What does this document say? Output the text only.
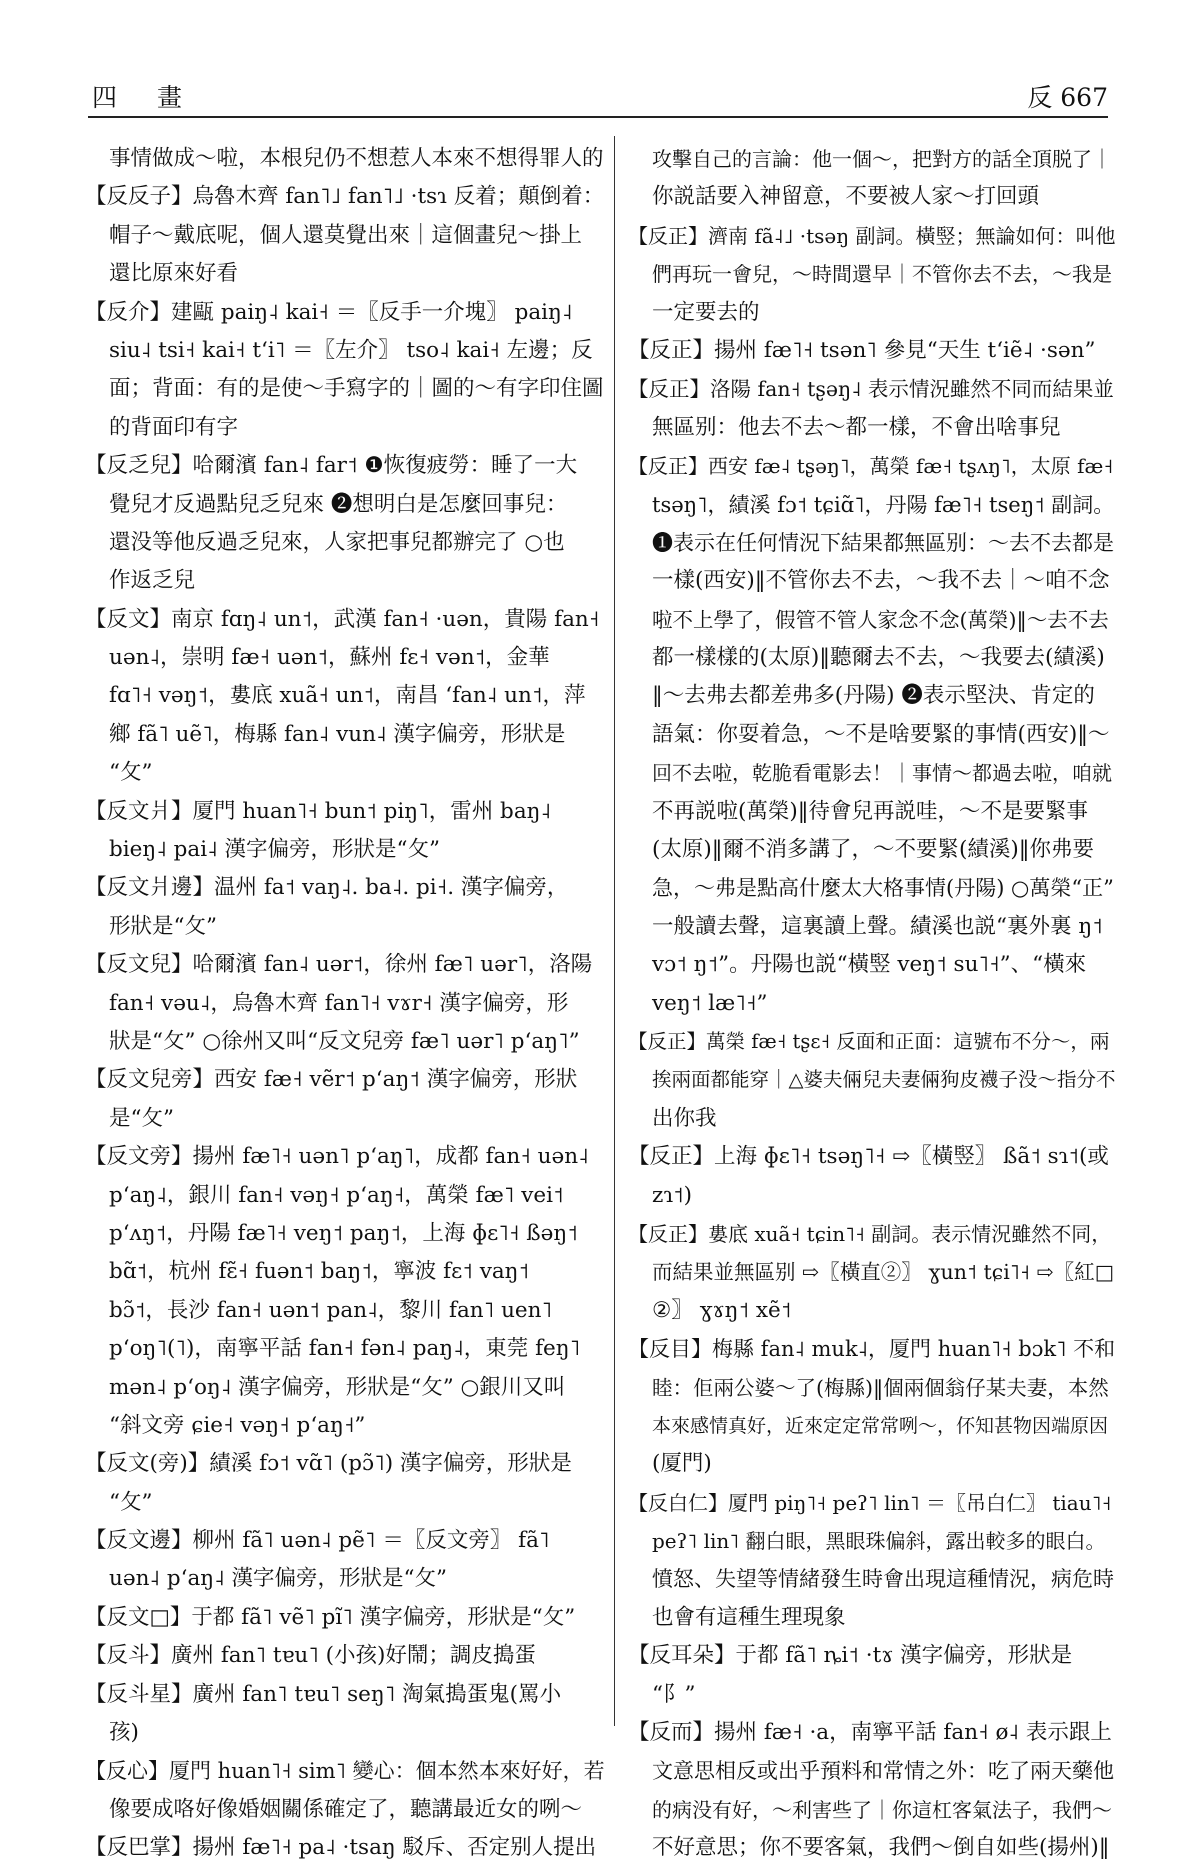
四 畫	反 667
事情做成～啦，本根兒仍不想惹人本來不想得罪人的
【反反子】烏魯木齊 fan˥˩ fan˥˩ ·tsɿ 反着；顛倒着：
帽子～戴底呢，個人還莫覺出來｜這個畫兒～掛上
還比原來好看
【反介】建甌 paiŋ˨ kai˧ ＝〖反手一介塊〗 paiŋ˨
siu˨ tsi˧ kai˧ tʻi˥ ＝〖左介〗 tso˨ kai˧ 左邊；反
面；背面：有的是使～手寫字的｜圖的～有字印住圖
的背面印有字
【反乏兒】哈爾濱 fan˨ far˦ ❶恢復疲勞：睡了一大
覺兒才反過點兒乏兒來 ❷想明白是怎麼回事兒：
還没等他反過乏兒來，人家把事兒都辦完了 ○也
作返乏兒
【反文】南京 fɑŋ˨ un˦，武漢 fan˧ ·uən，貴陽 fan˧
uən˨，崇明 fæ˧ uən˦，蘇州 fɛ˧ vən˦，金華
fɑ˥˧ vəŋ˦，婁底 xuã˧ un˦，南昌 ʻfan˨ un˦，萍
鄉 fã˥ uẽ˥，梅縣 fan˨ vun˨ 漢字偏旁，形狀是
“攵”
【反文爿】厦門 huan˥˧ bun˦ piŋ˥，雷州 baŋ˨
bieŋ˨ pai˨ 漢字偏旁，形狀是“攵”
【反文爿邊】温州 fa˦ vaŋ˨. ba˨. pi˧. 漢字偏旁，
形狀是“攵”
【反文兒】哈爾濱 fan˨ uər˦，徐州 fæ˥ uər˥，洛陽
fan˧ vəu˨，烏魯木齊 fan˥˧ vɤr˧ 漢字偏旁，形
狀是“攵” ○徐州又叫“反文兒旁 fæ˥ uər˥ pʻaŋ˥”
【反文兒旁】西安 fæ˧ vẽr˦ pʻaŋ˦ 漢字偏旁，形狀
是“攵”
【反文旁】揚州 fæ˥˧ uən˥ pʻaŋ˥，成都 fan˧ uən˨
pʻaŋ˨，銀川 fan˧ vəŋ˧ pʻaŋ˧，萬榮 fæ˥ vei˦
pʻʌŋ˦，丹陽 fæ˥˧ veŋ˦ paŋ˦，上海 ɸɛ˥˧ ßəŋ˦
bɑ̃˦，杭州 fɛ̃˧ fuən˦ baŋ˦，寧波 fɛ˦ vaŋ˦
bɔ̃˦，長沙 fan˧ uən˦ pan˨，黎川 fan˥ uen˥
pʻoŋ˥(˥)，南寧平話 fan˧ fən˨ paŋ˨，東莞 feŋ˥
mən˨ pʻoŋ˨ 漢字偏旁，形狀是“攵” ○銀川又叫
“斜文旁 ɕie˧ vəŋ˧ pʻaŋ˧”
【反文(旁)】績溪 fɔ˦ vɑ̃˥ (pɔ̃˥) 漢字偏旁，形狀是
“攵”
【反文邊】柳州 fã˥ uən˨ pẽ˥ ＝〖反文旁〗 fã˥
uən˨ pʻaŋ˨ 漢字偏旁，形狀是“攵”
【反文□】于都 fã˥ vẽ˥ pĩ˥ 漢字偏旁，形狀是“攵”
【反斗】廣州 fan˥ tɐu˥ (小孩)好鬧；調皮搗蛋
【反斗星】廣州 fan˥ tɐu˥ seŋ˥ 淘氣搗蛋鬼(罵小
孩)
【反心】厦門 huan˥˧ sim˥ 變心：個本然本來好好，若
像要成咯好像婚姻關係確定了，聽講最近女的咧～
【反巴掌】揚州 fæ˥˧ pa˨ ·tsaŋ 駁斥、否定别人提出
攻擊自己的言論：他一個～，把對方的話全頂脱了｜
你説話要入神留意，不要被人家～打回頭
【反正】濟南 fã˨˩ ·tsəŋ 副詞。橫竪；無論如何：叫他
們再玩一會兒，～時間還早｜不管你去不去，～我是
一定要去的
【反正】揚州 fæ˥˧ tsən˥ 參見“天生 tʻiẽ˨ ·sən”
【反正】洛陽 fan˧ tʂəŋ˨ 表示情況雖然不同而結果並
無區别：他去不去～都一樣，不會出啥事兒
【反正】西安 fæ˨ tʂəŋ˥，萬榮 fæ˧ tʂʌŋ˥，太原 fæ˧
tsəŋ˥，績溪 fɔ˦ tɕiɑ̃˥，丹陽 fæ˥˧ tseŋ˦ 副詞。
❶表示在任何情況下結果都無區别：～去不去都是
一樣(西安)‖不管你去不去，～我不去｜～咱不念
啦不上學了，假管不管人家念不念(萬榮)‖～去不去
都一樣樣的(太原)‖聽爾去不去，～我要去(績溪)
‖～去弗去都差弗多(丹陽) ❷表示堅決、肯定的
語氣：你耍着急，～不是啥要緊的事情(西安)‖～
回不去啦，乾脆看電影去！｜事情～都過去啦，咱就
不再説啦(萬榮)‖待會兒再説哇，～不是要緊事
(太原)‖爾不消多講了，～不要緊(績溪)‖你弗要
急，～弗是點高什麼太大格事情(丹陽) ○萬榮“正”
一般讀去聲，這裏讀上聲。績溪也説“裏外裏 ŋ˦
vɔ˦ ŋ˦”。丹陽也説“橫竪 veŋ˦ su˥˧”、“橫來
veŋ˦ læ˥˧”
【反正】萬榮 fæ˧ tʂɛ˧ 反面和正面：這號布不分～，兩
挨兩面都能穿｜△婆夫倆兒夫妻倆狗皮襪子没～指分不
出你我
【反正】上海 ɸɛ˥˧ tsəŋ˥˧ ⇨〖橫竪〗 ßã˦ sɿ˦(或
zɿ˦)
【反正】婁底 xuã˧ tɕin˥˧ 副詞。表示情況雖然不同，
而結果並無區别 ⇨〖橫直②〗 ɣun˦ tɕi˥˧ ⇨〖紅□
②〗 ɣɤŋ˦ xẽ˦
【反目】梅縣 fan˨ muk˨，厦門 huan˥˧ bɔk˥ 不和
睦：佢兩公婆～了(梅縣)‖個兩個翁仔某夫妻，本然
本來感情真好，近來定定常常咧～，伓知甚物因端原因
(厦門)
【反白仁】厦門 piŋ˥˧ peʔ˥ lin˥ ＝〖吊白仁〗 tiau˥˧
peʔ˥ lin˥ 翻白眼，黑眼珠偏斜，露出較多的眼白。
憤怒、失望等情緒發生時會出現這種情況，病危時
也會有這種生理現象
【反耳朵】于都 fã˥ ȵi˦ ·tɤ 漢字偏旁，形狀是
“阝”
【反而】揚州 fæ˧ ·a，南寧平話 fan˧ ø˨ 表示跟上
文意思相反或出乎預料和常情之外：吃了兩天藥他
的病没有好，～利害些了｜你這杠客氣法子，我們～
不好意思；你不要客氣，我們～倒自如些(揚州)‖
